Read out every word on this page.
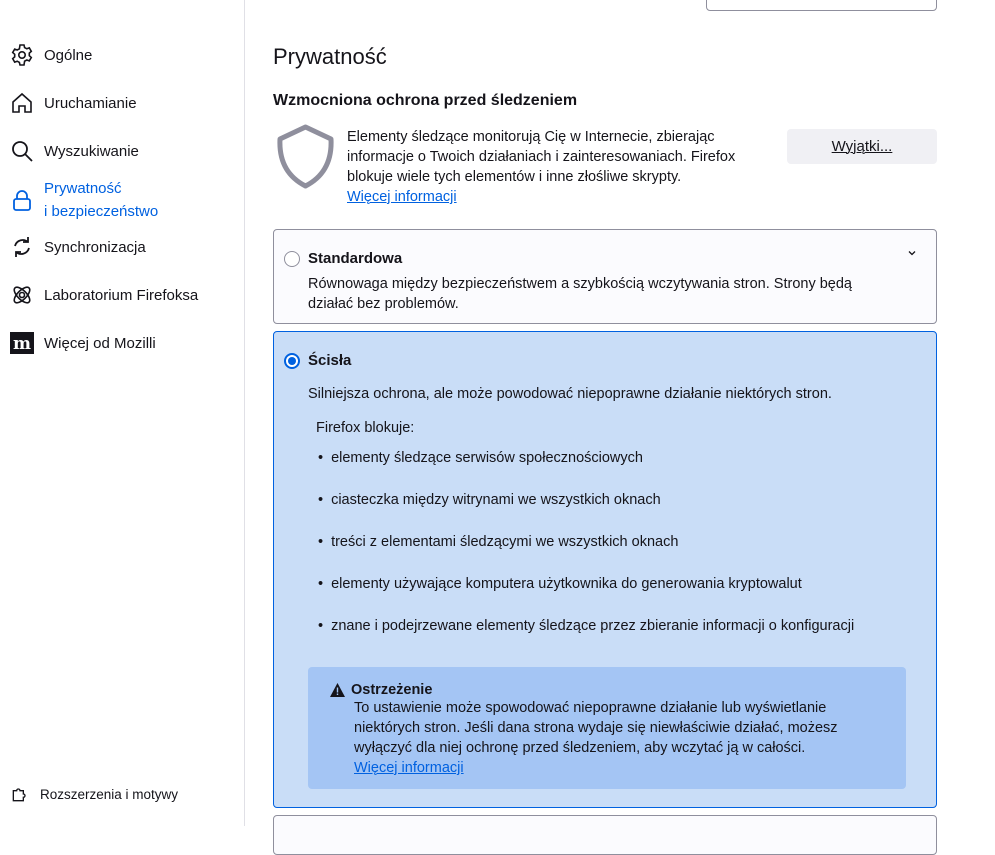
Ogólne
Uruchamianie
Wyszukiwanie
Prywatność
i bezpieczeństwo
Synchronizacja
Laboratorium Firefoksa
m Więcej od Mozilli
Rozszerzenia i motywy
Prywatność
Wzmocniona ochrona przed śledzeniem
Elementy śledzące monitorują Cię w Internecie, zbierając informacje o Twoich działaniach i zainteresowaniach. Firefox blokuje wiele tych elementów i inne złośliwe skrypty.
Więcej informacji
Wyjątki...
Standardowa
Równowaga między bezpieczeństwem a szybkością wczytywania stron. Strony będą działać bez problemów.
Ścisła
Silniejsza ochrona, ale może powodować niepoprawne działanie niektórych stron.
Firefox blokuje:
• elementy śledzące serwisów społecznościowych
• ciasteczka między witrynami we wszystkich oknach
• treści z elementami śledzącymi we wszystkich oknach
• elementy używające komputera użytkownika do generowania kryptowalut
• znane i podejrzewane elementy śledzące przez zbieranie informacji o konfiguracji
Ostrzeżenie
To ustawienie może spowodować niepoprawne działanie lub wyświetlanie niektórych stron. Jeśli dana strona wydaje się niewłaściwie działać, możesz wyłączyć dla niej ochronę przed śledzeniem, aby wczytać ją w całości.
Więcej informacji
